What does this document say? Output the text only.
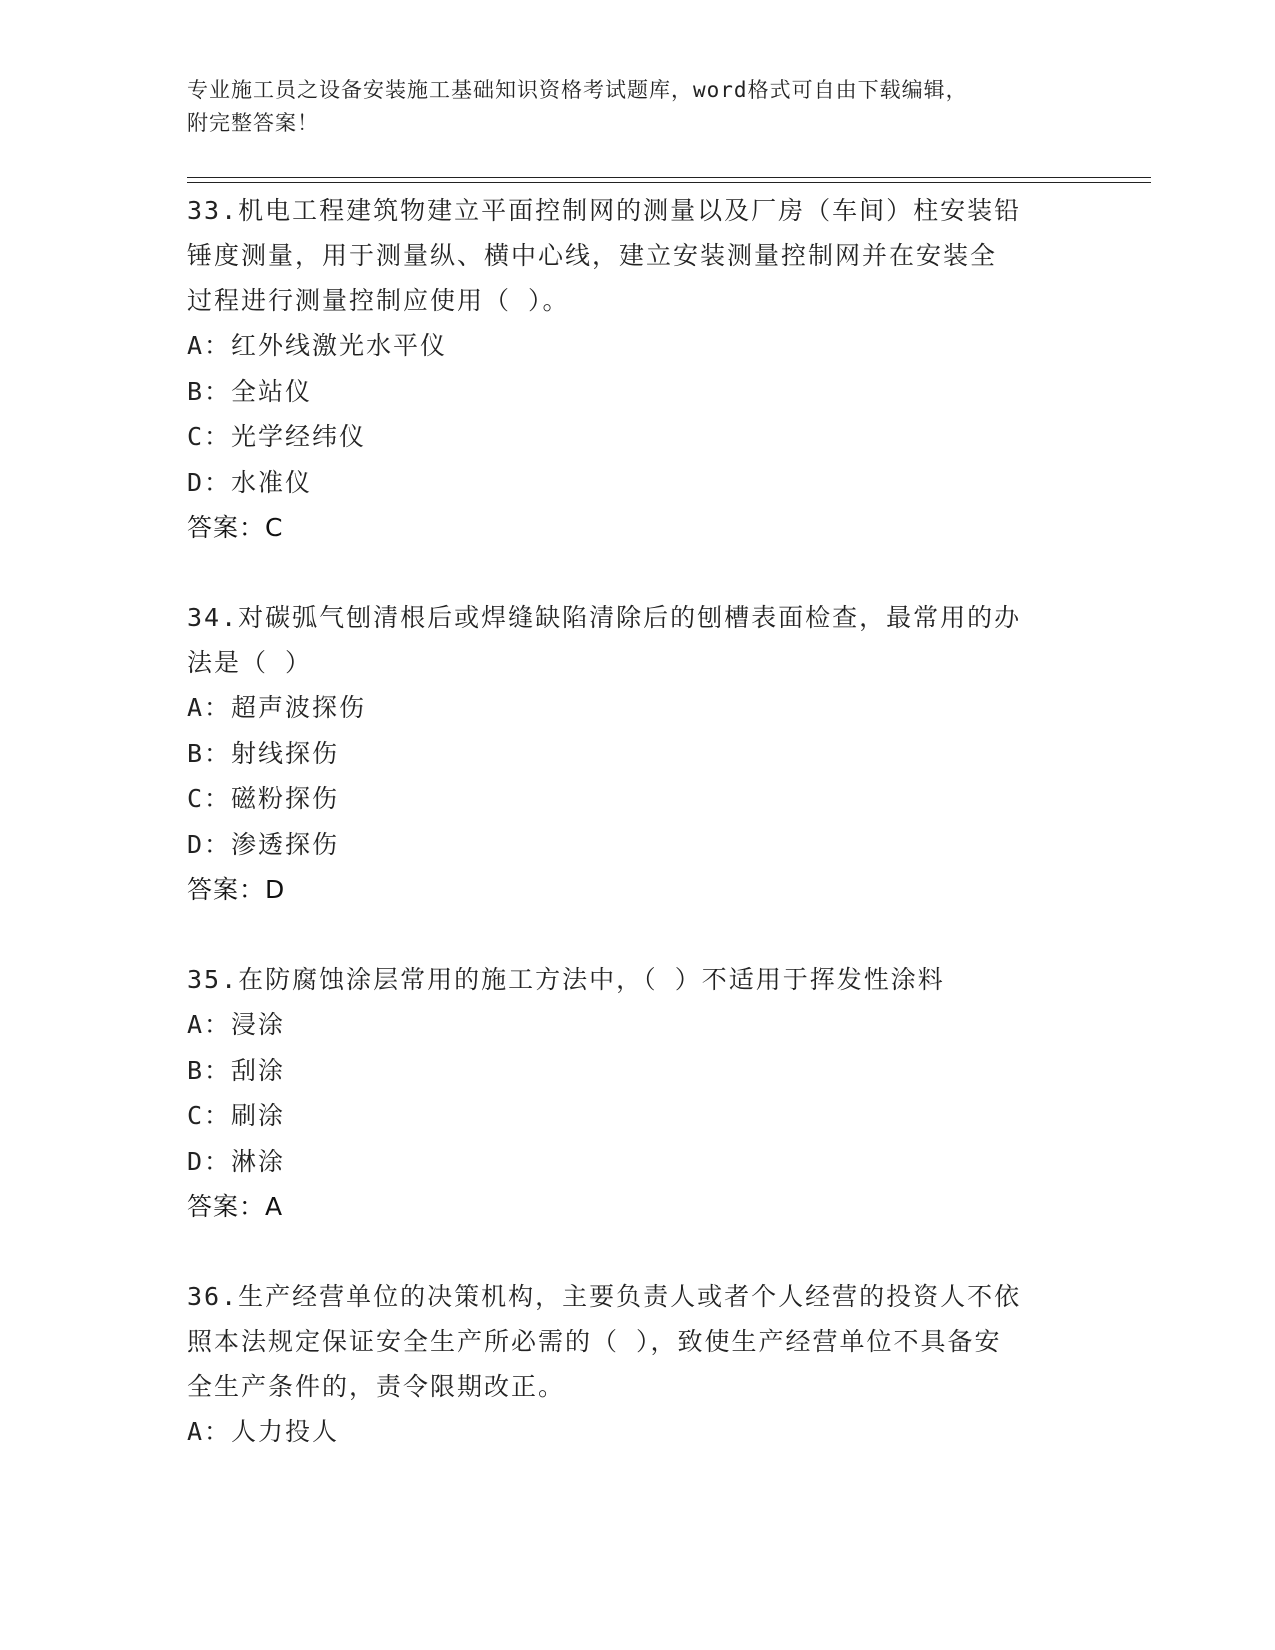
专业施工员之设备安装施工基础知识资格考试题库，word格式可自由下载编辑，

附完整答案！

33.机电工程建筑物建立平面控制网的测量以及厂房（车间）柱安装铅

锤度测量，用于测量纵、横中心线，建立安装测量控制网并在安装全

过程进行测量控制应使用（ ）。

A：红外线激光水平仪

B：全站仪

C：光学经纬仪

D：水准仪

答案：C

34.对碳弧气刨清根后或焊缝缺陷清除后的刨槽表面检查，最常用的办

法是（ ）

A：超声波探伤

B：射线探伤

C：磁粉探伤

D：渗透探伤

答案：D

35.在防腐蚀涂层常用的施工方法中，（ ）不适用于挥发性涂料

A：浸涂

B：刮涂

C：刷涂

D：淋涂

答案：A

36.生产经营单位的决策机构，主要负责人或者个人经营的投资人不依

照本法规定保证安全生产所必需的（ ），致使生产经营单位不具备安

全生产条件的，责令限期改正。

A：人力投人
